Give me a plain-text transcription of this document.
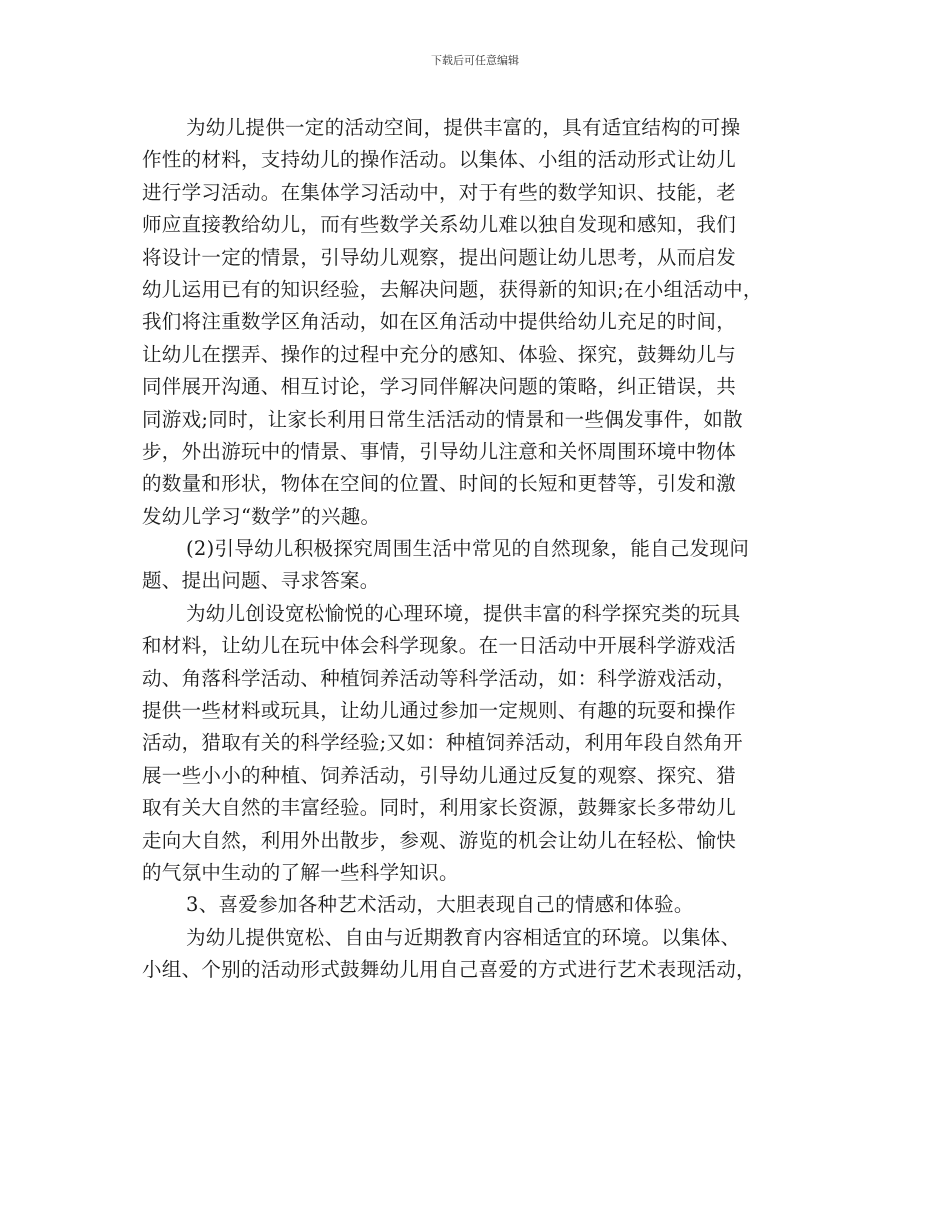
下载后可任意编辑
为幼儿提供一定的活动空间，提供丰富的，具有适宜结构的可操
作性的材料，支持幼儿的操作活动。以集体、小组的活动形式让幼儿
进行学习活动。在集体学习活动中，对于有些的数学知识、技能，老
师应直接教给幼儿，而有些数学关系幼儿难以独自发现和感知，我们
将设计一定的情景，引导幼儿观察，提出问题让幼儿思考，从而启发
幼儿运用已有的知识经验，去解决问题，获得新的知识;在小组活动中，
我们将注重数学区角活动，如在区角活动中提供给幼儿充足的时间，
让幼儿在摆弄、操作的过程中充分的感知、体验、探究，鼓舞幼儿与
同伴展开沟通、相互讨论，学习同伴解决问题的策略，纠正错误，共
同游戏;同时，让家长利用日常生活活动的情景和一些偶发事件，如散
步，外出游玩中的情景、事情，引导幼儿注意和关怀周围环境中物体
的数量和形状，物体在空间的位置、时间的长短和更替等，引发和激
发幼儿学习“数学”的兴趣。
(2)引导幼儿积极探究周围生活中常见的自然现象，能自己发现问
题、提出问题、寻求答案。
为幼儿创设宽松愉悦的心理环境，提供丰富的科学探究类的玩具
和材料，让幼儿在玩中体会科学现象。在一日活动中开展科学游戏活
动、角落科学活动、种植饲养活动等科学活动，如：科学游戏活动，
提供一些材料或玩具，让幼儿通过参加一定规则、有趣的玩耍和操作
活动，猎取有关的科学经验;又如：种植饲养活动，利用年段自然角开
展一些小小的种植、饲养活动，引导幼儿通过反复的观察、探究、猎
取有关大自然的丰富经验。同时，利用家长资源，鼓舞家长多带幼儿
走向大自然，利用外出散步，参观、游览的机会让幼儿在轻松、愉快
的气氛中生动的了解一些科学知识。
3、喜爱参加各种艺术活动，大胆表现自己的情感和体验。
为幼儿提供宽松、自由与近期教育内容相适宜的环境。以集体、
小组、个别的活动形式鼓舞幼儿用自己喜爱的方式进行艺术表现活动，
